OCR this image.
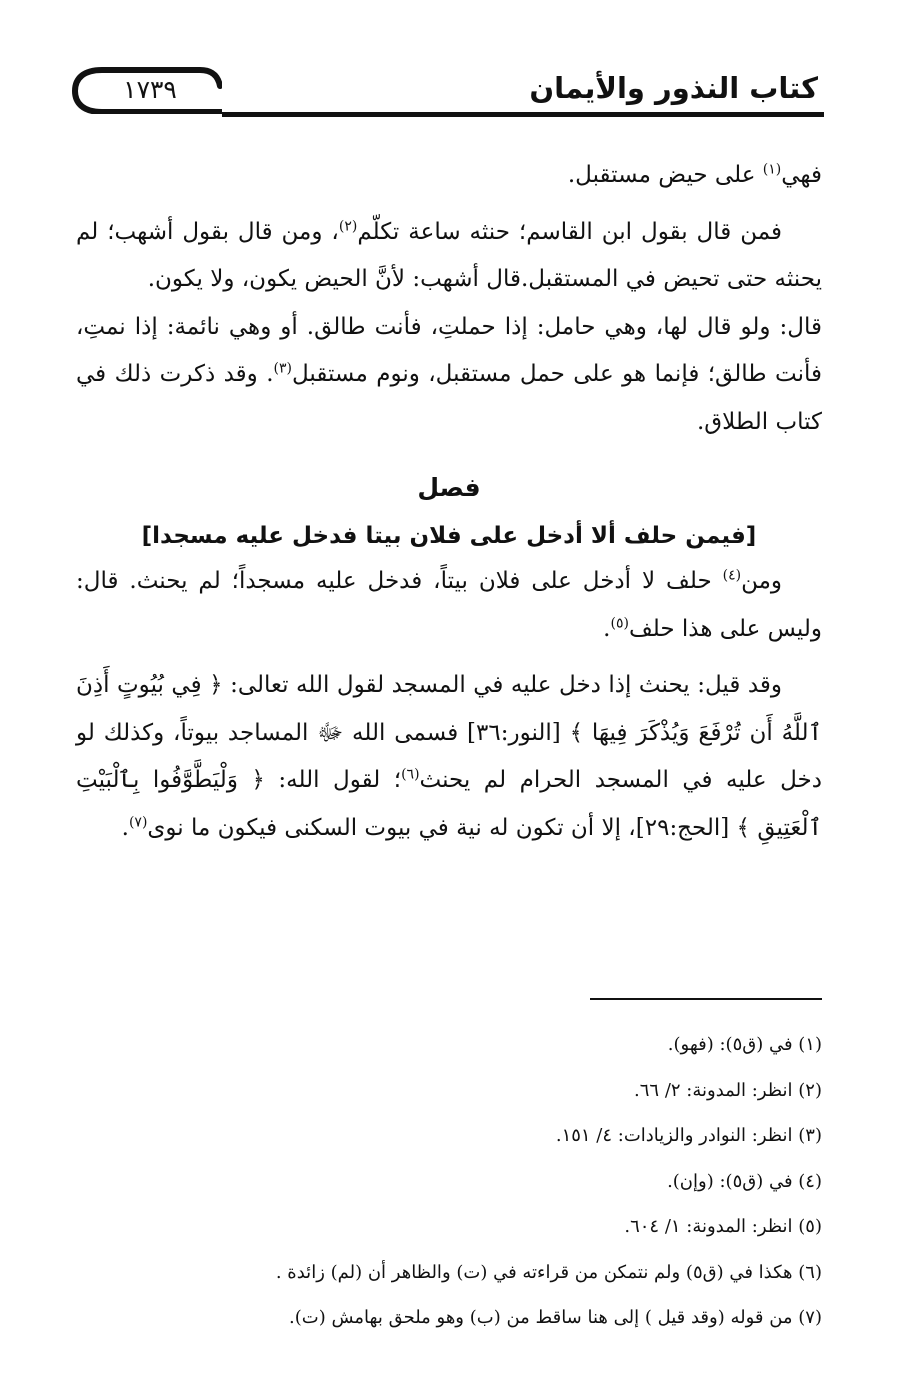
١٧٣٩	كتاب النذور والأيمان

فهي$^{(١)}$ على حيض مستقبل.

فمن قال بقول ابن القاسم؛ حنثه ساعة تكلّم$^{(٢)}$، ومن قال بقول أشهب؛ لم يحنثه حتى تحيض في المستقبل.قال أشهب: لأنَّ الحيض يكون، ولا يكون.

قال: ولو قال لها، وهي حامل: إذا حملتِ، فأنت طالق. أو وهي نائمة: إذا نمتِ، فأنت طالق؛ فإنما هو على حمل مستقبل، ونوم مستقبل$^{(٣)}$. وقد ذكرت ذلك في كتاب الطلاق.

فصل
[فيمن حلف ألا أدخل على فلان بيتا فدخل عليه مسجدا]

ومن$^{(٤)}$ حلف لا أدخل على فلان بيتاً، فدخل عليه مسجداً؛ لم يحنث. قال: وليس على هذا حلف$^{(٥)}$.

وقد قيل: يحنث إذا دخل عليه في المسجد لقول الله تعالى: ﴿ فِي بُيُوتٍ أَذِنَ ٱللَّهُ أَن تُرْفَعَ وَيُذْكَرَ فِيهَا ﴾ [النور:٣٦] فسمى الله ﷻ المساجد بيوتاً، وكذلك لو دخل عليه في المسجد الحرام لم يحنث$^{(٦)}$؛ لقول الله: ﴿ وَلْيَطَّوَّفُوا بِٱلْبَيْتِ ٱلْعَتِيقِ ﴾ [الحج:٢٩]، إلا أن تكون له نية في بيوت السكنى فيكون ما نوى$^{(٧)}$.

(١) في (ق٥): (فهو).

(٢) انظر: المدونة: ٢/ ٦٦.

(٣) انظر: النوادر والزيادات: ٤/ ١٥١.

(٤) في (ق٥): (وإن).

(٥) انظر: المدونة: ١/ ٦٠٤.

(٦) هكذا في (ق٥) ولم نتمكن من قراءته في (ت) والظاهر أن (لم) زائدة .

(٧) من قوله (وقد قيل ) إلى هنا ساقط من (ب) وهو ملحق بهامش (ت).
